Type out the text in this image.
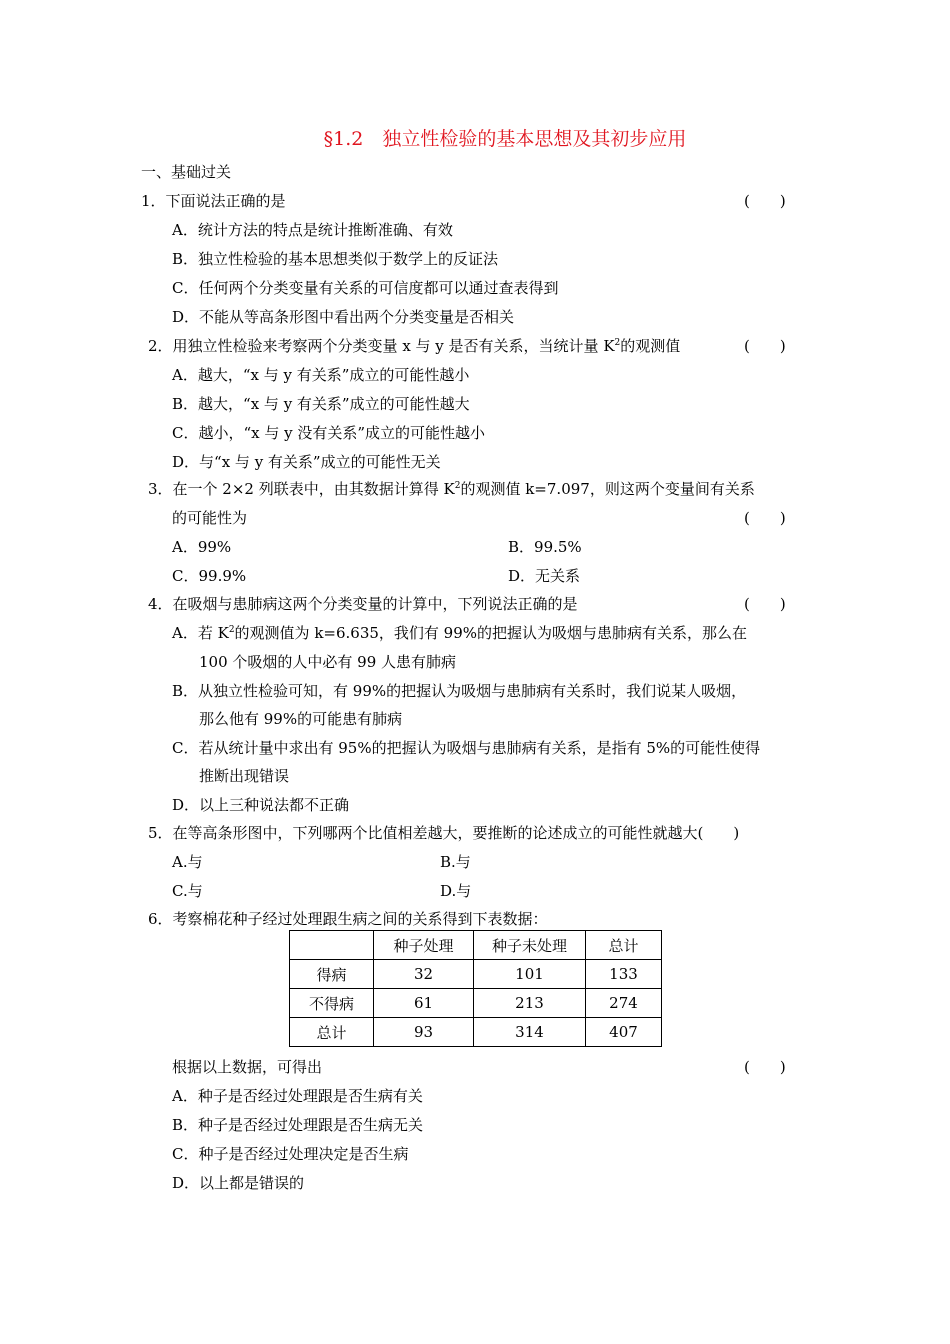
§1.2　独立性检验的基本思想及其初步应用
一、基础过关
1．下面说法正确的是	(　　)
A．统计方法的特点是统计推断准确、有效
B．独立性检验的基本思想类似于数学上的反证法
C．任何两个分类变量有关系的可信度都可以通过查表得到
D．不能从等高条形图中看出两个分类变量是否相关
2．用独立性检验来考察两个分类变量 x 与 y 是否有关系，当统计量 $K^2$的观测值	(　　)
A．越大，“x 与 y 有关系”成立的可能性越小
B．越大，“x 与 y 有关系”成立的可能性越大
C．越小，“x 与 y 没有关系”成立的可能性越小
D．与“x 与 y 有关系”成立的可能性无关
3．在一个 2×2 列联表中，由其数据计算得 $K^2$的观测值 k=7.097，则这两个变量间有关系
的可能性为	(　　)
A．99%	B．99.5%
C．99.9%	D．无关系
4．在吸烟与患肺病这两个分类变量的计算中，下列说法正确的是	(　　)
A．若 $K^2$的观测值为 k=6.635，我们有 99%的把握认为吸烟与患肺病有关系，那么在
100 个吸烟的人中必有 99 人患有肺病
B．从独立性检验可知，有 99%的把握认为吸烟与患肺病有关系时，我们说某人吸烟，
那么他有 99%的可能患有肺病
C．若从统计量中求出有 95%的把握认为吸烟与患肺病有关系，是指有 5%的可能性使得
推断出现错误
D．以上三种说法都不正确
5．在等高条形图中，下列哪两个比值相差越大，要推断的论述成立的可能性就越大(　　)
A.与	B.与
C.与	D.与
6．考察棉花种子经过处理跟生病之间的关系得到下表数据：
	种子处理	种子未处理	总计
得病	32	101	133
不得病	61	213	274
总计	93	314	407
根据以上数据，可得出	(　　)
A．种子是否经过处理跟是否生病有关
B．种子是否经过处理跟是否生病无关
C．种子是否经过处理决定是否生病
D．以上都是错误的
